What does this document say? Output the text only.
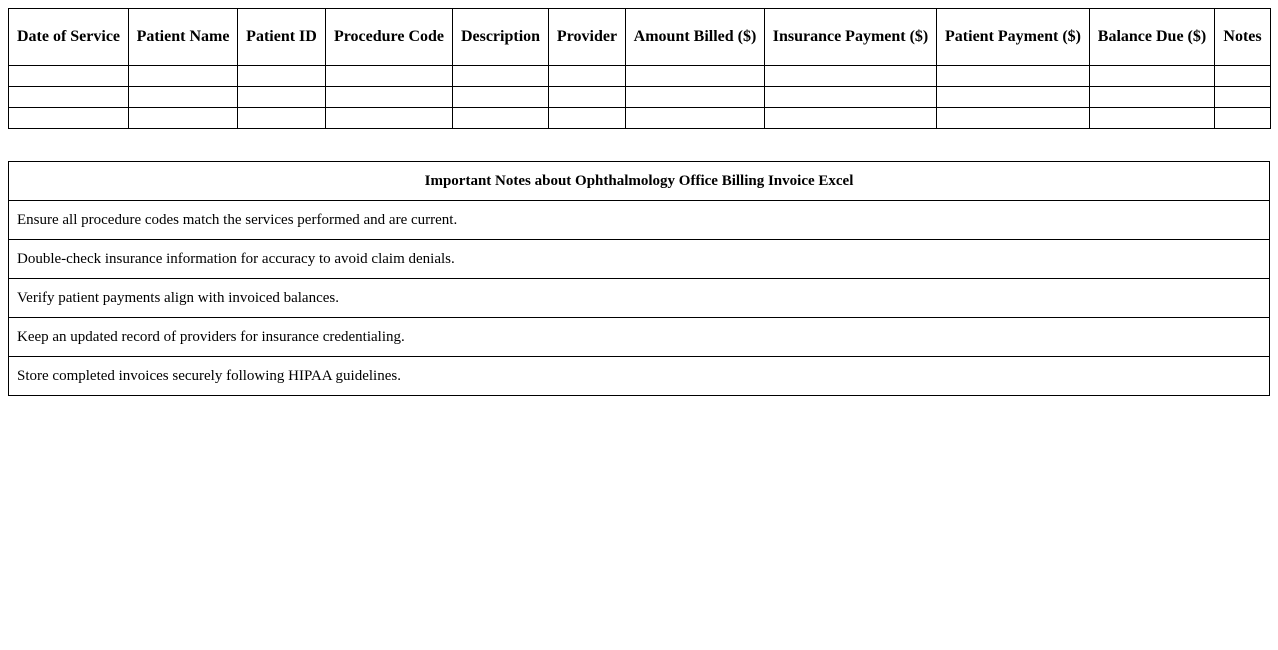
Date of Service	Patient Name	Patient ID	Procedure Code	Description	Provider	Amount Billed ($)	Insurance Payment ($)	Patient Payment ($)	Balance Due ($)	Notes

Important Notes about Ophthalmology Office Billing Invoice Excel
Ensure all procedure codes match the services performed and are current.
Double-check insurance information for accuracy to avoid claim denials.
Verify patient payments align with invoiced balances.
Keep an updated record of providers for insurance credentialing.
Store completed invoices securely following HIPAA guidelines.
